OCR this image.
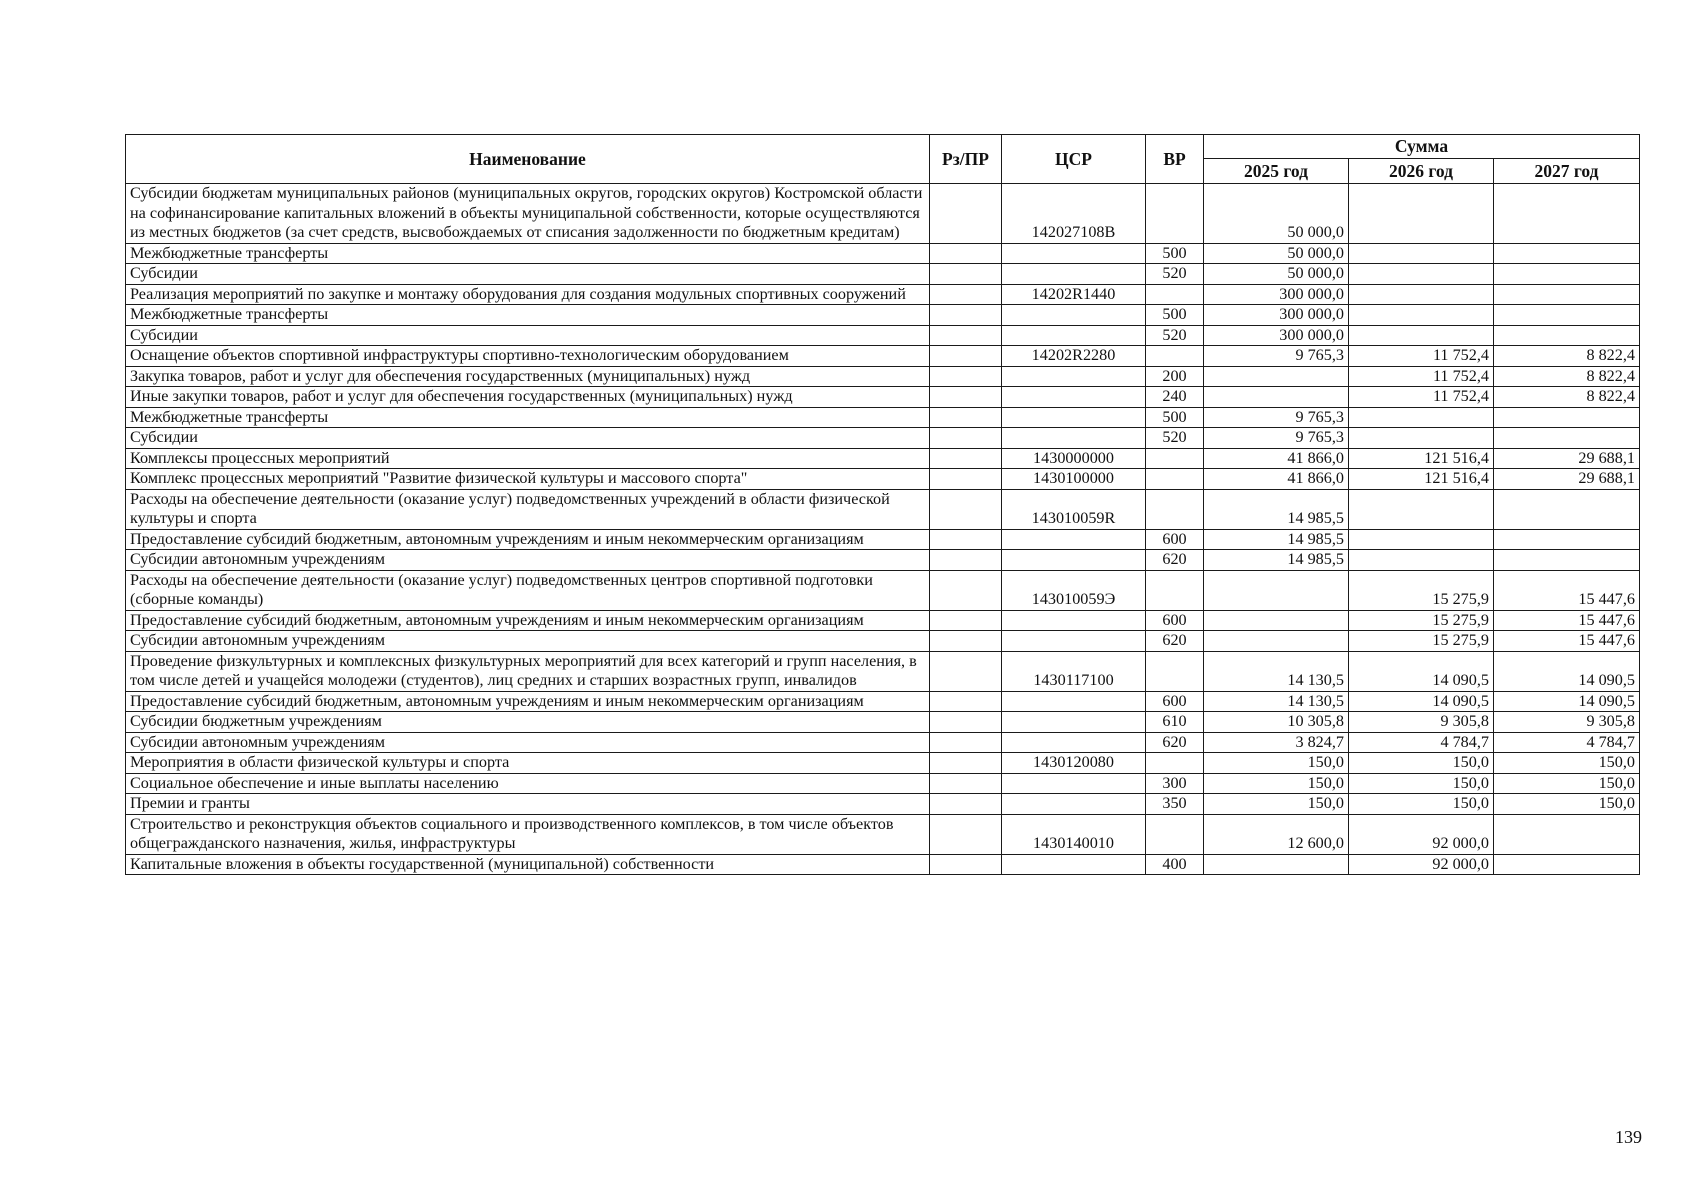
Наименование	Рз/ПР	ЦСР	ВР	Сумма		
				2025 год	2026 год	2027 год
Субсидии бюджетам муниципальных районов (муниципальных округов, городских округов) Костромской области на софинансирование капитальных вложений в объекты муниципальной собственности, которые осуществляются из местных бюджетов (за счет средств, высвобождаемых от списания задолженности по бюджетным кредитам)		142027108B		50 000,0		
Межбюджетные трансферты			500	50 000,0		
Субсидии			520	50 000,0		
Реализация мероприятий по закупке и монтажу оборудования для создания модульных спортивных сооружений		14202R1440		300 000,0		
Межбюджетные трансферты			500	300 000,0		
Субсидии			520	300 000,0		
Оснащение объектов спортивной инфраструктуры спортивно-технологическим оборудованием		14202R2280		9 765,3	11 752,4	8 822,4
Закупка товаров, работ и услуг для обеспечения государственных (муниципальных) нужд			200		11 752,4	8 822,4
Иные закупки товаров, работ и услуг для обеспечения государственных (муниципальных) нужд			240		11 752,4	8 822,4
Межбюджетные трансферты			500	9 765,3		
Субсидии			520	9 765,3		
Комплексы процессных мероприятий		1430000000		41 866,0	121 516,4	29 688,1
Комплекс процессных мероприятий "Развитие физической культуры и массового спорта"		1430100000		41 866,0	121 516,4	29 688,1
Расходы на обеспечение деятельности (оказание услуг) подведомственных учреждений в области физической культуры и спорта		143010059R		14 985,5		
Предоставление субсидий бюджетным, автономным учреждениям и иным некоммерческим организациям			600	14 985,5		
Субсидии автономным учреждениям			620	14 985,5		
Расходы на обеспечение деятельности (оказание услуг) подведомственных центров спортивной подготовки (сборные команды)		143010059Э			15 275,9	15 447,6
Предоставление субсидий бюджетным, автономным учреждениям и иным некоммерческим организациям			600		15 275,9	15 447,6
Субсидии автономным учреждениям			620		15 275,9	15 447,6
Проведение физкультурных и комплексных физкультурных мероприятий для всех категорий и групп населения, в том числе детей и учащейся молодежи (студентов), лиц средних и старших возрастных групп, инвалидов		1430117100		14 130,5	14 090,5	14 090,5
Предоставление субсидий бюджетным, автономным учреждениям и иным некоммерческим организациям			600	14 130,5	14 090,5	14 090,5
Субсидии бюджетным учреждениям			610	10 305,8	9 305,8	9 305,8
Субсидии автономным учреждениям			620	3 824,7	4 784,7	4 784,7
Мероприятия в области физической культуры и спорта		1430120080		150,0	150,0	150,0
Социальное обеспечение и иные выплаты населению			300	150,0	150,0	150,0
Премии и гранты			350	150,0	150,0	150,0
Строительство и реконструкция объектов социального и производственного комплексов, в том числе объектов общегражданского назначения, жилья, инфраструктуры		1430140010		12 600,0	92 000,0	
Капитальные вложения в объекты государственной (муниципальной) собственности			400		92 000,0	
139
